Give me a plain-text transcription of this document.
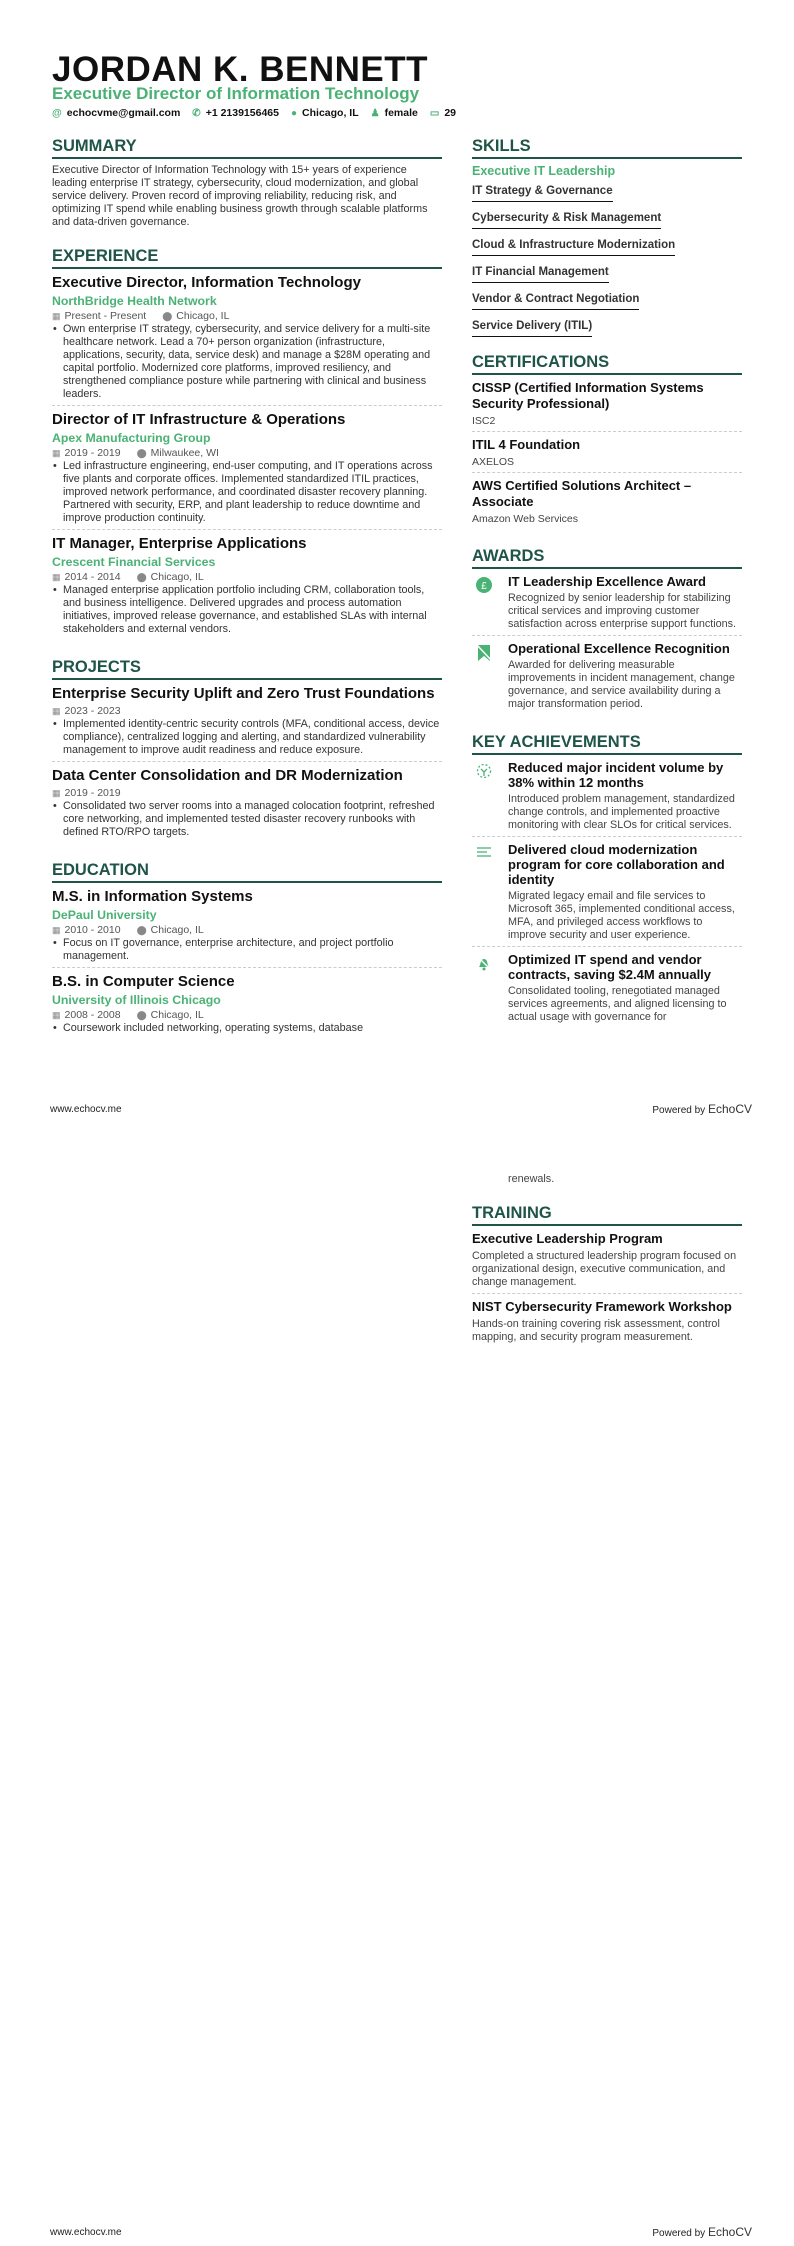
JORDAN K. BENNETT
Executive Director of Information Technology
@ echocvme@gmail.com ✆ +1 2139156465 ● Chicago, IL ♟ female ▭ 29
SUMMARY
Executive Director of Information Technology with 15+ years of experience leading enterprise IT strategy, cybersecurity, cloud modernization, and global service delivery. Proven record of improving reliability, reducing risk, and optimizing IT spend while enabling business growth through scalable platforms and data-driven governance.
EXPERIENCE
Executive Director, Information Technology
NorthBridge Health Network
▦ Present - Present ⬤ Chicago, IL
• Own enterprise IT strategy, cybersecurity, and service delivery for a multi-site healthcare network. Lead a 70+ person organization (infrastructure, applications, security, data, service desk) and manage a $28M operating and capital portfolio. Modernized core platforms, improved resiliency, and strengthened compliance posture while partnering with clinical and business leaders.
Director of IT Infrastructure & Operations
Apex Manufacturing Group
▦ 2019 - 2019 ⬤ Milwaukee, WI
• Led infrastructure engineering, end-user computing, and IT operations across five plants and corporate offices. Implemented standardized ITIL practices, improved network performance, and coordinated disaster recovery planning. Partnered with security, ERP, and plant leadership to reduce downtime and improve production continuity.
IT Manager, Enterprise Applications
Crescent Financial Services
▦ 2014 - 2014 ⬤ Chicago, IL
• Managed enterprise application portfolio including CRM, collaboration tools, and business intelligence. Delivered upgrades and process automation initiatives, improved release governance, and established SLAs with internal stakeholders and external vendors.
PROJECTS
Enterprise Security Uplift and Zero Trust Foundations
▦ 2023 - 2023
• Implemented identity-centric security controls (MFA, conditional access, device compliance), centralized logging and alerting, and standardized vulnerability management to improve audit readiness and reduce exposure.
Data Center Consolidation and DR Modernization
▦ 2019 - 2019
• Consolidated two server rooms into a managed colocation footprint, refreshed core networking, and implemented tested disaster recovery runbooks with defined RTO/RPO targets.
EDUCATION
M.S. in Information Systems
DePaul University
▦ 2010 - 2010 ⬤ Chicago, IL
• Focus on IT governance, enterprise architecture, and project portfolio management.
B.S. in Computer Science
University of Illinois Chicago
▦ 2008 - 2008 ⬤ Chicago, IL
• Coursework included networking, operating systems, database
SKILLS
Executive IT Leadership
IT Strategy & Governance
Cybersecurity & Risk Management
Cloud & Infrastructure Modernization
IT Financial Management
Vendor & Contract Negotiation
Service Delivery (ITIL)
CERTIFICATIONS
CISSP (Certified Information Systems Security Professional)
ISC2
ITIL 4 Foundation
AXELOS
AWS Certified Solutions Architect – Associate
Amazon Web Services
AWARDS
£ IT Leadership Excellence Award
Recognized by senior leadership for stabilizing critical services and improving customer satisfaction across enterprise support functions.
Operational Excellence Recognition
Awarded for delivering measurable improvements in incident management, change governance, and service availability during a major transformation period.
KEY ACHIEVEMENTS
Reduced major incident volume by 38% within 12 months
Introduced problem management, standardized change controls, and implemented proactive monitoring with clear SLOs for critical services.
Delivered cloud modernization program for core collaboration and identity
Migrated legacy email and file services to Microsoft 365, implemented conditional access, MFA, and privileged access workflows to improve security and user experience.
Optimized IT spend and vendor contracts, saving $2.4M annually
Consolidated tooling, renegotiated managed services agreements, and aligned licensing to actual usage with governance for
www.echocv.me	Powered by EchoCV
renewals.
TRAINING
Executive Leadership Program
Completed a structured leadership program focused on organizational design, executive communication, and change management.
NIST Cybersecurity Framework Workshop
Hands-on training covering risk assessment, control mapping, and security program measurement.
www.echocv.me	Powered by EchoCV
